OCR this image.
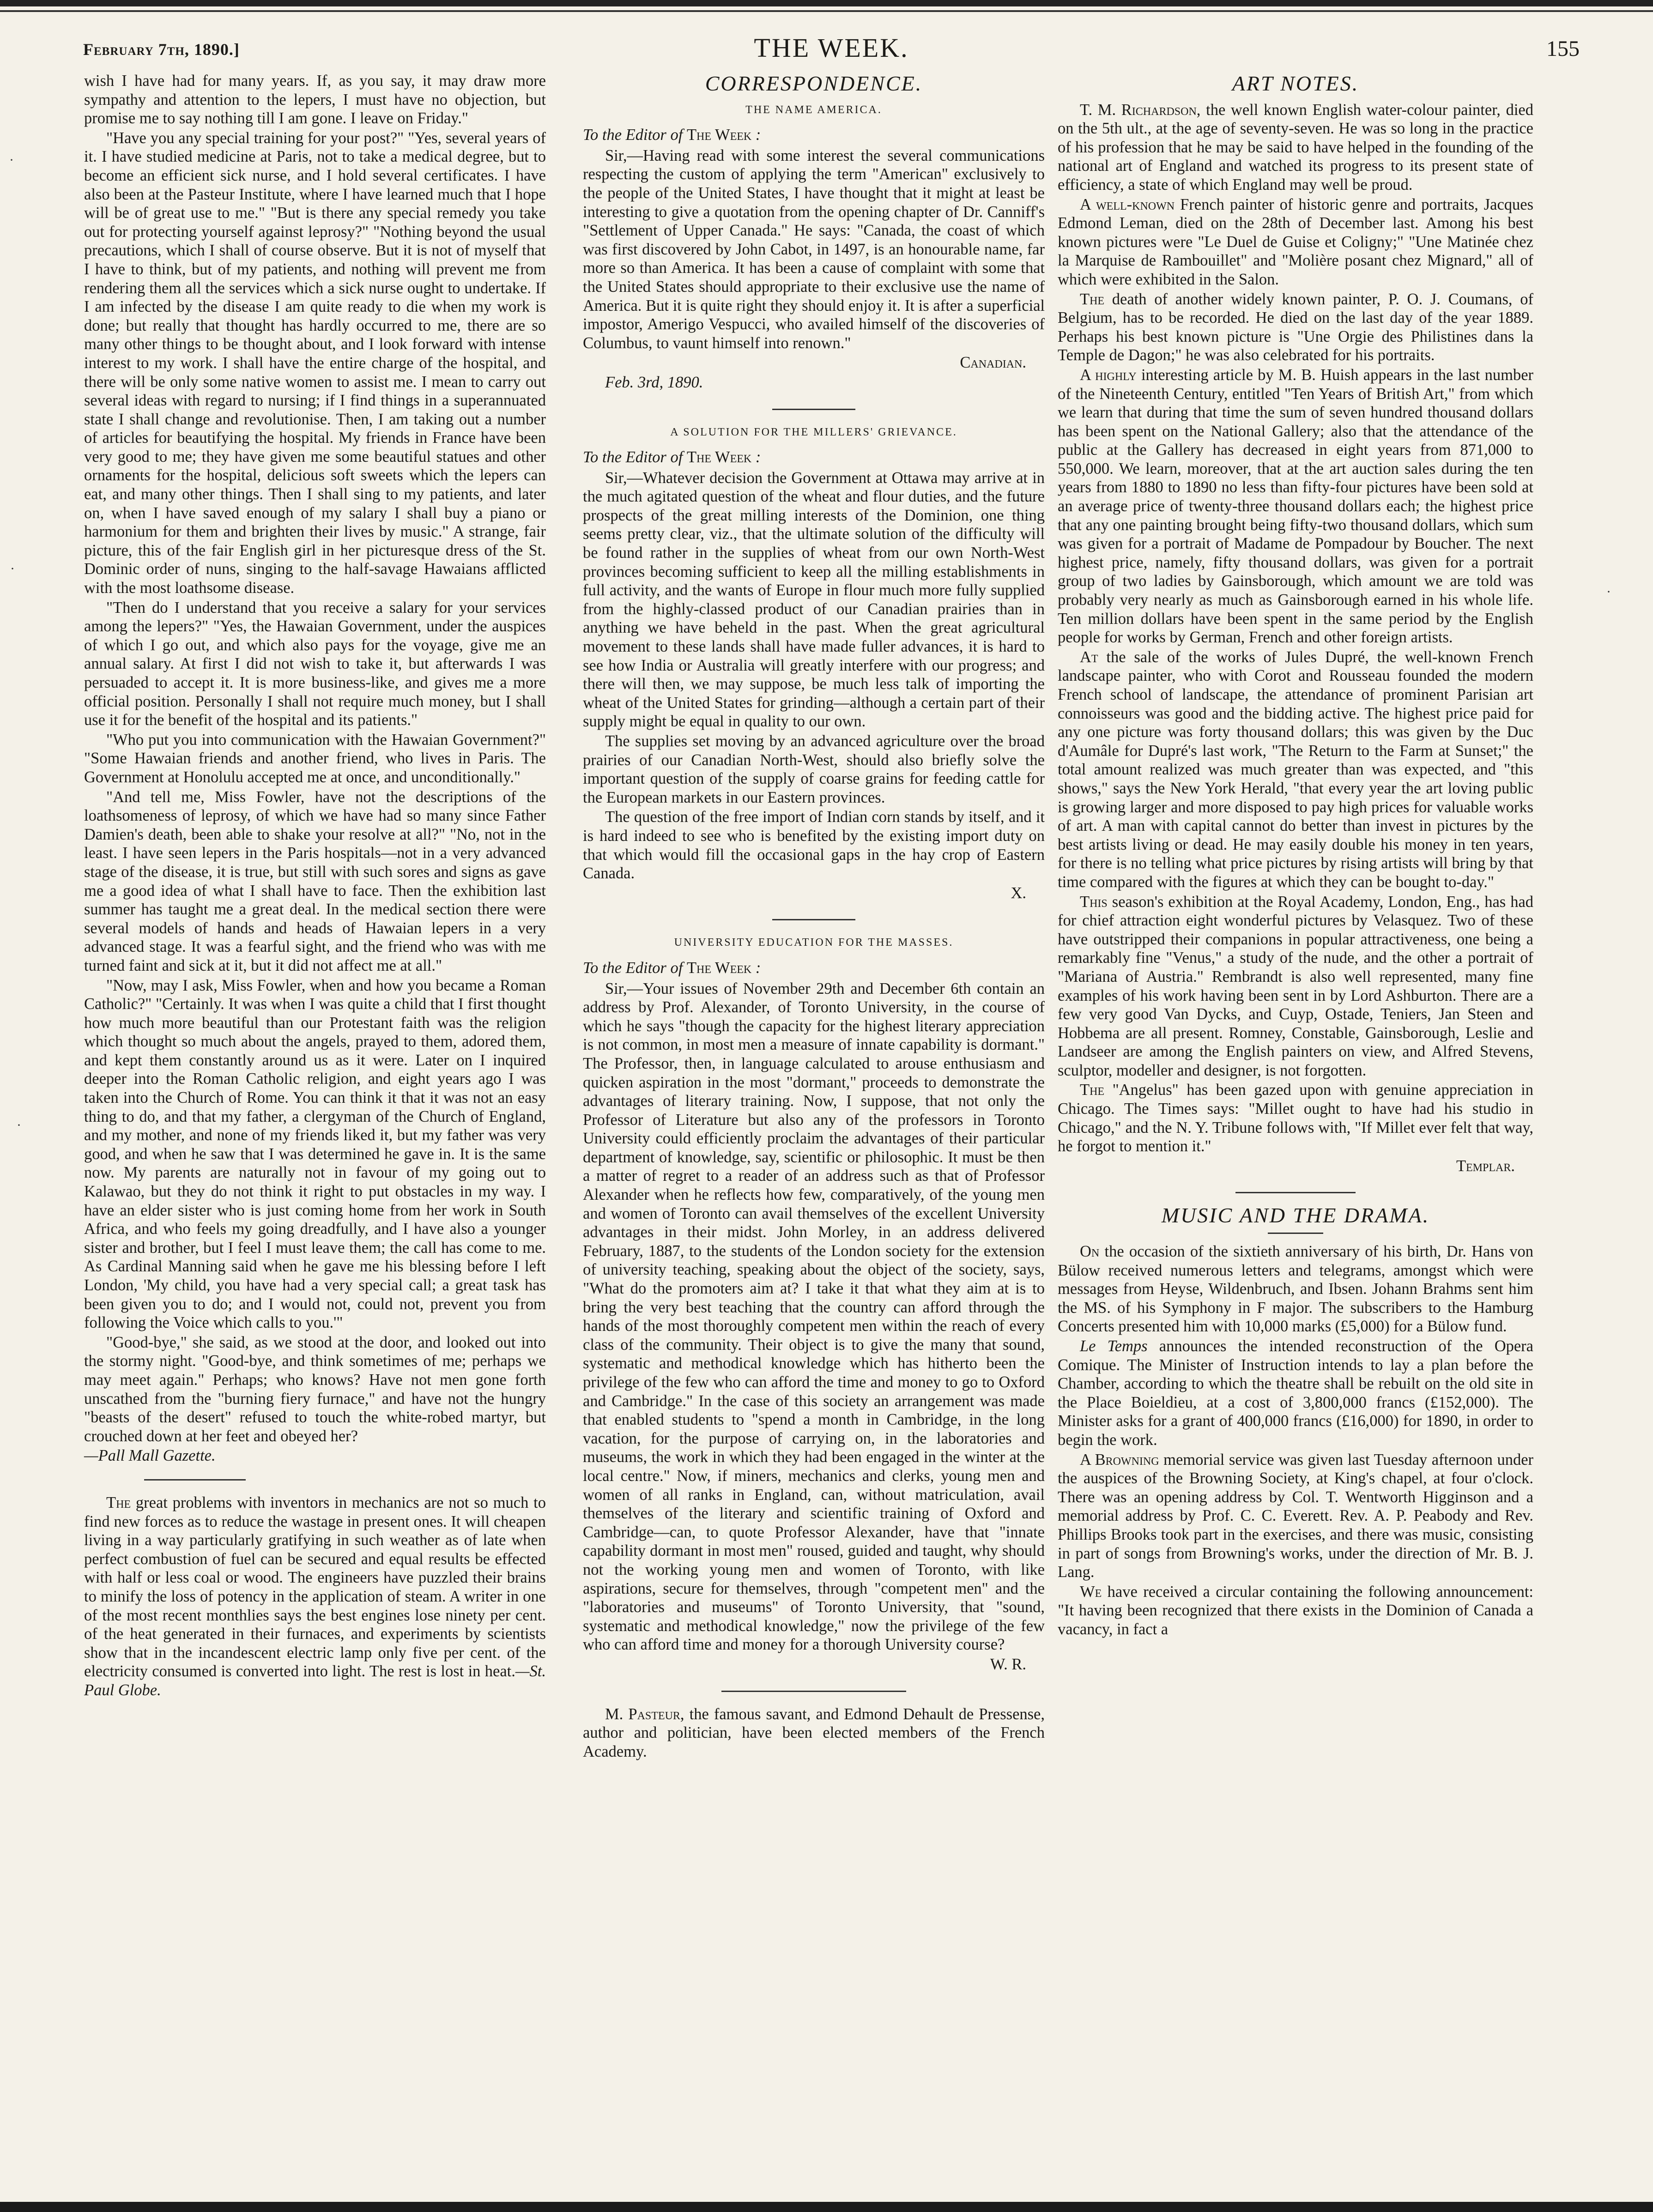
February 7th, 1890.]	THE WEEK.	155

wish I have had for many years. If, as you say, it may draw more sympathy and attention to the lepers, I must have no objection, but promise me to say nothing till I am gone. I leave on Friday."

"Have you any special training for your post?" "Yes, several years of it. I have studied medicine at Paris, not to take a medical degree, but to become an efficient sick nurse, and I hold several certificates. I have also been at the Pasteur Institute, where I have learned much that I hope will be of great use to me." "But is there any special remedy you take out for protecting yourself against leprosy?" "Nothing beyond the usual precautions, which I shall of course observe. But it is not of myself that I have to think, but of my patients, and nothing will prevent me from rendering them all the services which a sick nurse ought to undertake. If I am infected by the disease I am quite ready to die when my work is done; but really that thought has hardly occurred to me, there are so many other things to be thought about, and I look forward with intense interest to my work. I shall have the entire charge of the hospital, and there will be only some native women to assist me. I mean to carry out several ideas with regard to nursing; if I find things in a superannuated state I shall change and revolutionise. Then, I am taking out a number of articles for beautifying the hospital. My friends in France have been very good to me; they have given me some beautiful statues and other ornaments for the hospital, delicious soft sweets which the lepers can eat, and many other things. Then I shall sing to my patients, and later on, when I have saved enough of my salary I shall buy a piano or harmonium for them and brighten their lives by music." A strange, fair picture, this of the fair English girl in her picturesque dress of the St. Dominic order of nuns, singing to the half-savage Hawaians afflicted with the most loathsome disease.

"Then do I understand that you receive a salary for your services among the lepers?" "Yes, the Hawaian Government, under the auspices of which I go out, and which also pays for the voyage, give me an annual salary. At first I did not wish to take it, but afterwards I was persuaded to accept it. It is more business-like, and gives me a more official position. Personally I shall not require much money, but I shall use it for the benefit of the hospital and its patients."

"Who put you into communication with the Hawaian Government?" "Some Hawaian friends and another friend, who lives in Paris. The Government at Honolulu accepted me at once, and unconditionally."

"And tell me, Miss Fowler, have not the descriptions of the loathsomeness of leprosy, of which we have had so many since Father Damien's death, been able to shake your resolve at all?" "No, not in the least. I have seen lepers in the Paris hospitals—not in a very advanced stage of the disease, it is true, but still with such sores and signs as gave me a good idea of what I shall have to face. Then the exhibition last summer has taught me a great deal. In the medical section there were several models of hands and heads of Hawaian lepers in a very advanced stage. It was a fearful sight, and the friend who was with me turned faint and sick at it, but it did not affect me at all."

"Now, may I ask, Miss Fowler, when and how you became a Roman Catholic?" "Certainly. It was when I was quite a child that I first thought how much more beautiful than our Protestant faith was the religion which thought so much about the angels, prayed to them, adored them, and kept them constantly around us as it were. Later on I inquired deeper into the Roman Catholic religion, and eight years ago I was taken into the Church of Rome. You can think it that it was not an easy thing to do, and that my father, a clergyman of the Church of England, and my mother, and none of my friends liked it, but my father was very good, and when he saw that I was determined he gave in. It is the same now. My parents are naturally not in favour of my going out to Kalawao, but they do not think it right to put obstacles in my way. I have an elder sister who is just coming home from her work in South Africa, and who feels my going dreadfully, and I have also a younger sister and brother, but I feel I must leave them; the call has come to me. As Cardinal Manning said when he gave me his blessing before I left London, 'My child, you have had a very special call; a great task has been given you to do; and I would not, could not, prevent you from following the Voice which calls to you.'"

"Good-bye," she said, as we stood at the door, and looked out into the stormy night. "Good-bye, and think sometimes of me; perhaps we may meet again." Perhaps; who knows? Have not men gone forth unscathed from the "burning fiery furnace," and have not the hungry "beasts of the desert" refused to touch the white-robed martyr, but crouched down at her feet and obeyed her?

—Pall Mall Gazette.

The great problems with inventors in mechanics are not so much to find new forces as to reduce the wastage in present ones. It will cheapen living in a way particularly gratifying in such weather as of late when perfect combustion of fuel can be secured and equal results be effected with half or less coal or wood. The engineers have puzzled their brains to minify the loss of potency in the application of steam. A writer in one of the most recent monthlies says the best engines lose ninety per cent. of the heat generated in their furnaces, and experiments by scientists show that in the incandescent electric lamp only five per cent. of the electricity consumed is converted into light. The rest is lost in heat.—St. Paul Globe.

CORRESPONDENCE.
THE NAME AMERICA.

To the Editor of The Week :

Sir,—Having read with some interest the several communications respecting the custom of applying the term "American" exclusively to the people of the United States, I have thought that it might at least be interesting to give a quotation from the opening chapter of Dr. Canniff's "Settlement of Upper Canada." He says: "Canada, the coast of which was first discovered by John Cabot, in 1497, is an honourable name, far more so than America. It has been a cause of complaint with some that the United States should appropriate to their exclusive use the name of America. But it is quite right they should enjoy it. It is after a superficial impostor, Amerigo Vespucci, who availed himself of the discoveries of Columbus, to vaunt himself into renown."

Canadian.

Feb. 3rd, 1890.

A SOLUTION FOR THE MILLERS' GRIEVANCE.

To the Editor of The Week :

Sir,—Whatever decision the Government at Ottawa may arrive at in the much agitated question of the wheat and flour duties, and the future prospects of the great milling interests of the Dominion, one thing seems pretty clear, viz., that the ultimate solution of the difficulty will be found rather in the supplies of wheat from our own North-West provinces becoming sufficient to keep all the milling establishments in full activity, and the wants of Europe in flour much more fully supplied from the highly-classed product of our Canadian prairies than in anything we have beheld in the past. When the great agricultural movement to these lands shall have made fuller advances, it is hard to see how India or Australia will greatly interfere with our progress; and there will then, we may suppose, be much less talk of importing the wheat of the United States for grinding—although a certain part of their supply might be equal in quality to our own.

The supplies set moving by an advanced agriculture over the broad prairies of our Canadian North-West, should also briefly solve the important question of the supply of coarse grains for feeding cattle for the European markets in our Eastern provinces.

The question of the free import of Indian corn stands by itself, and it is hard indeed to see who is benefited by the existing import duty on that which would fill the occasional gaps in the hay crop of Eastern Canada.

X.

UNIVERSITY EDUCATION FOR THE MASSES.

To the Editor of The Week :

Sir,—Your issues of November 29th and December 6th contain an address by Prof. Alexander, of Toronto University, in the course of which he says "though the capacity for the highest literary appreciation is not common, in most men a measure of innate capability is dormant." The Professor, then, in language calculated to arouse enthusiasm and quicken aspiration in the most "dormant," proceeds to demonstrate the advantages of literary training. Now, I suppose, that not only the Professor of Literature but also any of the professors in Toronto University could efficiently proclaim the advantages of their particular department of knowledge, say, scientific or philosophic. It must be then a matter of regret to a reader of an address such as that of Professor Alexander when he reflects how few, comparatively, of the young men and women of Toronto can avail themselves of the excellent University advantages in their midst. John Morley, in an address delivered February, 1887, to the students of the London society for the extension of university teaching, speaking about the object of the society, says, "What do the promoters aim at? I take it that what they aim at is to bring the very best teaching that the country can afford through the hands of the most thoroughly competent men within the reach of every class of the community. Their object is to give the many that sound, systematic and methodical knowledge which has hitherto been the privilege of the few who can afford the time and money to go to Oxford and Cambridge." In the case of this society an arrangement was made that enabled students to "spend a month in Cambridge, in the long vacation, for the purpose of carrying on, in the laboratories and museums, the work in which they had been engaged in the winter at the local centre." Now, if miners, mechanics and clerks, young men and women of all ranks in England, can, without matriculation, avail themselves of the literary and scientific training of Oxford and Cambridge—can, to quote Professor Alexander, have that "innate capability dormant in most men" roused, guided and taught, why should not the working young men and women of Toronto, with like aspirations, secure for themselves, through "competent men" and the "laboratories and museums" of Toronto University, that "sound, systematic and methodical knowledge," now the privilege of the few who can afford time and money for a thorough University course?

W. R.

M. Pasteur, the famous savant, and Edmond Dehault de Pressense, author and politician, have been elected members of the French Academy.

ART NOTES.

T. M. Richardson, the well known English water-colour painter, died on the 5th ult., at the age of seventy-seven. He was so long in the practice of his profession that he may be said to have helped in the founding of the national art of England and watched its progress to its present state of efficiency, a state of which England may well be proud.

A well-known French painter of historic genre and portraits, Jacques Edmond Leman, died on the 28th of December last. Among his best known pictures were "Le Duel de Guise et Coligny;" "Une Matinée chez la Marquise de Rambouillet" and "Molière posant chez Mignard," all of which were exhibited in the Salon.

The death of another widely known painter, P. O. J. Coumans, of Belgium, has to be recorded. He died on the last day of the year 1889. Perhaps his best known picture is "Une Orgie des Philistines dans la Temple de Dagon;" he was also celebrated for his portraits.

A highly interesting article by M. B. Huish appears in the last number of the Nineteenth Century, entitled "Ten Years of British Art," from which we learn that during that time the sum of seven hundred thousand dollars has been spent on the National Gallery; also that the attendance of the public at the Gallery has decreased in eight years from 871,000 to 550,000. We learn, moreover, that at the art auction sales during the ten years from 1880 to 1890 no less than fifty-four pictures have been sold at an average price of twenty-three thousand dollars each; the highest price that any one painting brought being fifty-two thousand dollars, which sum was given for a portrait of Madame de Pompadour by Boucher. The next highest price, namely, fifty thousand dollars, was given for a portrait group of two ladies by Gainsborough, which amount we are told was probably very nearly as much as Gainsborough earned in his whole life. Ten million dollars have been spent in the same period by the English people for works by German, French and other foreign artists.

At the sale of the works of Jules Dupré, the well-known French landscape painter, who with Corot and Rousseau founded the modern French school of landscape, the attendance of prominent Parisian art connoisseurs was good and the bidding active. The highest price paid for any one picture was forty thousand dollars; this was given by the Duc d'Aumâle for Dupré's last work, "The Return to the Farm at Sunset;" the total amount realized was much greater than was expected, and "this shows," says the New York Herald, "that every year the art loving public is growing larger and more disposed to pay high prices for valuable works of art. A man with capital cannot do better than invest in pictures by the best artists living or dead. He may easily double his money in ten years, for there is no telling what price pictures by rising artists will bring by that time compared with the figures at which they can be bought to-day."

This season's exhibition at the Royal Academy, London, Eng., has had for chief attraction eight wonderful pictures by Velasquez. Two of these have outstripped their companions in popular attractiveness, one being a remarkably fine "Venus," a study of the nude, and the other a portrait of "Mariana of Austria." Rembrandt is also well represented, many fine examples of his work having been sent in by Lord Ashburton. There are a few very good Van Dycks, and Cuyp, Ostade, Teniers, Jan Steen and Hobbema are all present. Romney, Constable, Gainsborough, Leslie and Landseer are among the English painters on view, and Alfred Stevens, sculptor, modeller and designer, is not forgotten.

The "Angelus" has been gazed upon with genuine appreciation in Chicago. The Times says: "Millet ought to have had his studio in Chicago," and the N. Y. Tribune follows with, "If Millet ever felt that way, he forgot to mention it."

Templar.

MUSIC AND THE DRAMA.

On the occasion of the sixtieth anniversary of his birth, Dr. Hans von Bülow received numerous letters and telegrams, amongst which were messages from Heyse, Wildenbruch, and Ibsen. Johann Brahms sent him the MS. of his Symphony in F major. The subscribers to the Hamburg Concerts presented him with 10,000 marks (£5,000) for a Bülow fund.

Le Temps announces the intended reconstruction of the Opera Comique. The Minister of Instruction intends to lay a plan before the Chamber, according to which the theatre shall be rebuilt on the old site in the Place Boieldieu, at a cost of 3,800,000 francs (£152,000). The Minister asks for a grant of 400,000 francs (£16,000) for 1890, in order to begin the work.

A Browning memorial service was given last Tuesday afternoon under the auspices of the Browning Society, at King's chapel, at four o'clock. There was an opening address by Col. T. Wentworth Higginson and a memorial address by Prof. C. C. Everett. Rev. A. P. Peabody and Rev. Phillips Brooks took part in the exercises, and there was music, consisting in part of songs from Browning's works, under the direction of Mr. B. J. Lang.

We have received a circular containing the following announcement: "It having been recognized that there exists in the Dominion of Canada a vacancy, in fact a

·
·
·
·
